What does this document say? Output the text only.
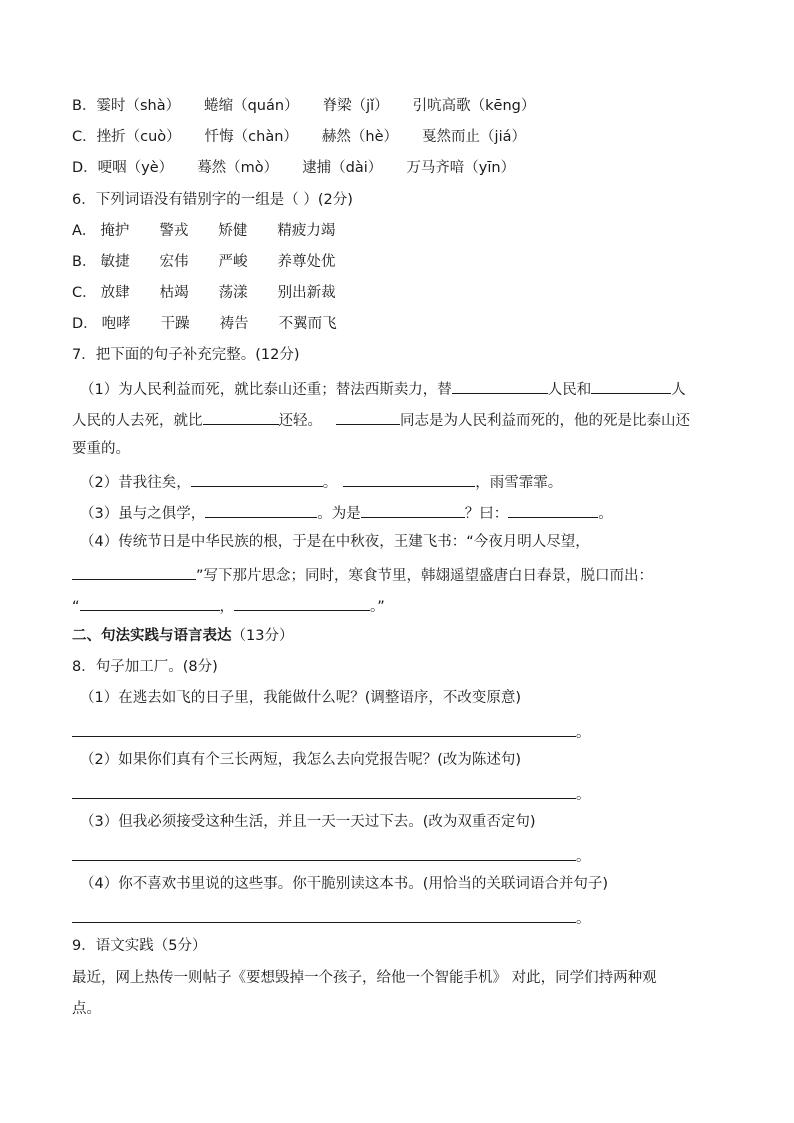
B．霎时（shà） 蜷缩（quán） 脊梁（jǐ） 引吭高歌（kēng）
C．挫折（cuò） 忏悔（chàn） 赫然（hè） 戛然而止（jiá）
D．哽咽（yè） 蓦然（mò） 逮捕（dài） 万马齐喑（yīn）
6．下列词语没有错别字的一组是（ ）(2分)
A． 掩护 警戎 矫健 精疲力竭
B． 敏捷 宏伟 严峻 养尊处优
C． 放肆 枯竭 荡漾 别出新裁
D． 咆哮 干躁 祷告 不翼而飞
7．把下面的句子补充完整。(12分)
（1）为人民利益而死，就比泰山还重；替法西斯卖力，替	人民和	人
人民的人去死，就比	还轻。	同志是为人民利益而死的，他的死是比泰山还
要重的。
（2）昔我往矣，	。	，雨雪霏霏。
（3）虽与之俱学，	。为是	？曰：	。
（4）传统节日是中华民族的根，于是在中秋夜，王建飞书：“今夜月明人尽望，
”写下那片思念；同时，寒食节里，韩翃遥望盛唐白日春景，脱口而出：
“	，	。”
二、句法实践与语言表达（13分）
8．句子加工厂。(8分)
（1）在逃去如飞的日子里，我能做什么呢？(调整语序，不改变原意)
。
（2）如果你们真有个三长两短，我怎么去向党报告呢？(改为陈述句)
。
（3）但我必须接受这种生活，并且一天一天过下去。(改为双重否定句)
。
（4）你不喜欢书里说的这些事。你干脆别读这本书。(用恰当的关联词语合并句子)
。
9．语文实践（5分）
最近，网上热传一则帖子《要想毁掉一个孩子，给他一个智能手机》 对此，同学们持两种观
点。
